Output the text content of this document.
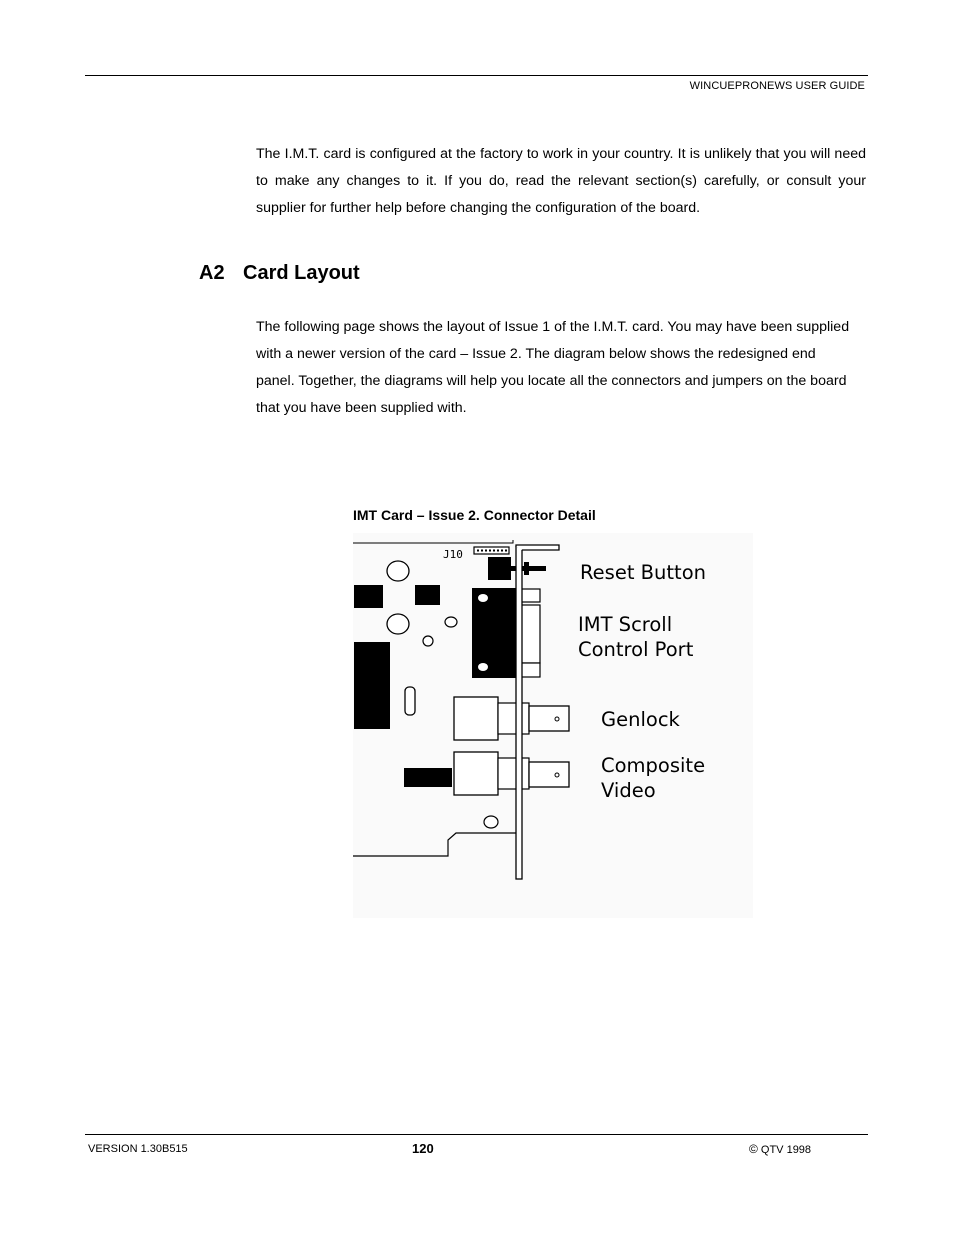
WINCUEPRONEWS USER GUIDE

The I.M.T. card is configured at the factory to work in your country. It is unlikely that you will need to make any changes to it. If you do, read the relevant section(s) carefully, or consult your supplier for further help before changing the configuration of the board.

A2 Card Layout

The following page shows the layout of Issue 1 of the I.M.T. card. You may have been supplied with a newer version of the card – Issue 2. The diagram below shows the redesigned end panel. Together, the diagrams will help you locate all the connectors and jumpers on the board that you have been supplied with.

IMT Card – Issue 2. Connector Detail
J10
Reset Button
IMT Scroll
Control Port
Genlock
Composite
Video
VERSION 1.30B515	120	© QTV 1998
